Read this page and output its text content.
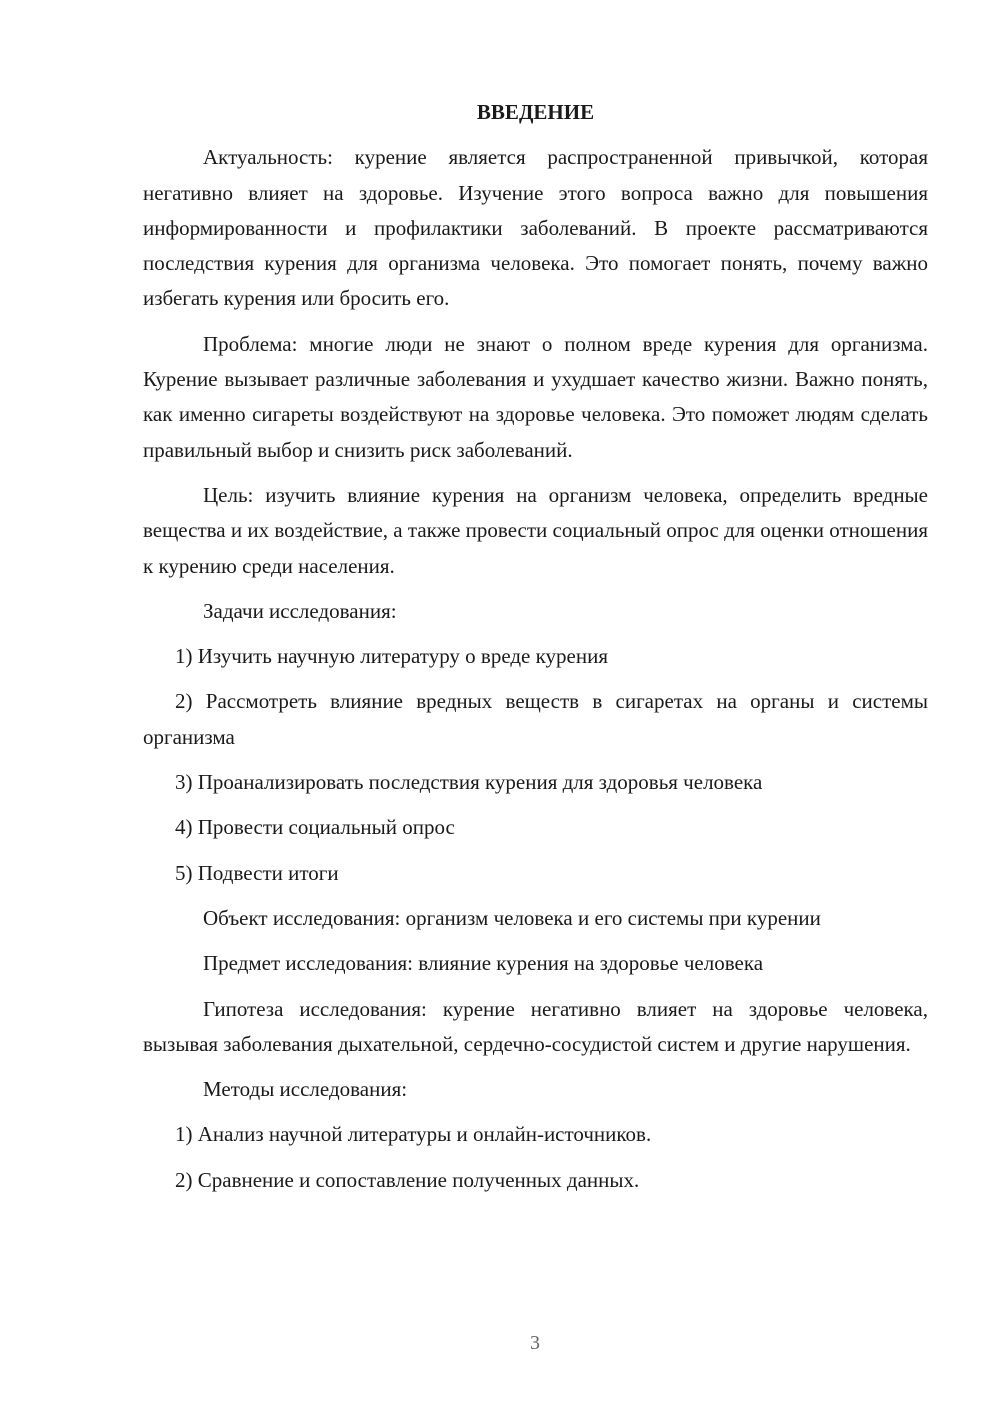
ВВЕДЕНИЕ

Актуальность: курение является распространенной привычкой, которая негативно влияет на здоровье. Изучение этого вопроса важно для повышения информированности и профилактики заболеваний. В проекте рассматриваются последствия курения для организма человека. Это помогает понять, почему важно избегать курения или бросить его.

Проблема: многие люди не знают о полном вреде курения для организма. Курение вызывает различные заболевания и ухудшает качество жизни. Важно понять, как именно сигареты воздействуют на здоровье человека. Это поможет людям сделать правильный выбор и снизить риск заболеваний.

Цель: изучить влияние курения на организм человека, определить вредные вещества и их воздействие, а также провести социальный опрос для оценки отношения к курению среди населения.

Задачи исследования:

1) Изучить научную литературу о вреде курения

2) Рассмотреть влияние вредных веществ в сигаретах на органы и системы организма

3) Проанализировать последствия курения для здоровья человека

4) Провести социальный опрос

5) Подвести итоги

Объект исследования: организм человека и его системы при курении

Предмет исследования: влияние курения на здоровье человека

Гипотеза исследования: курение негативно влияет на здоровье человека, вызывая заболевания дыхательной, сердечно-сосудистой систем и другие нарушения.

Методы исследования:

1) Анализ научной литературы и онлайн-источников.

2) Сравнение и сопоставление полученных данных.

3
